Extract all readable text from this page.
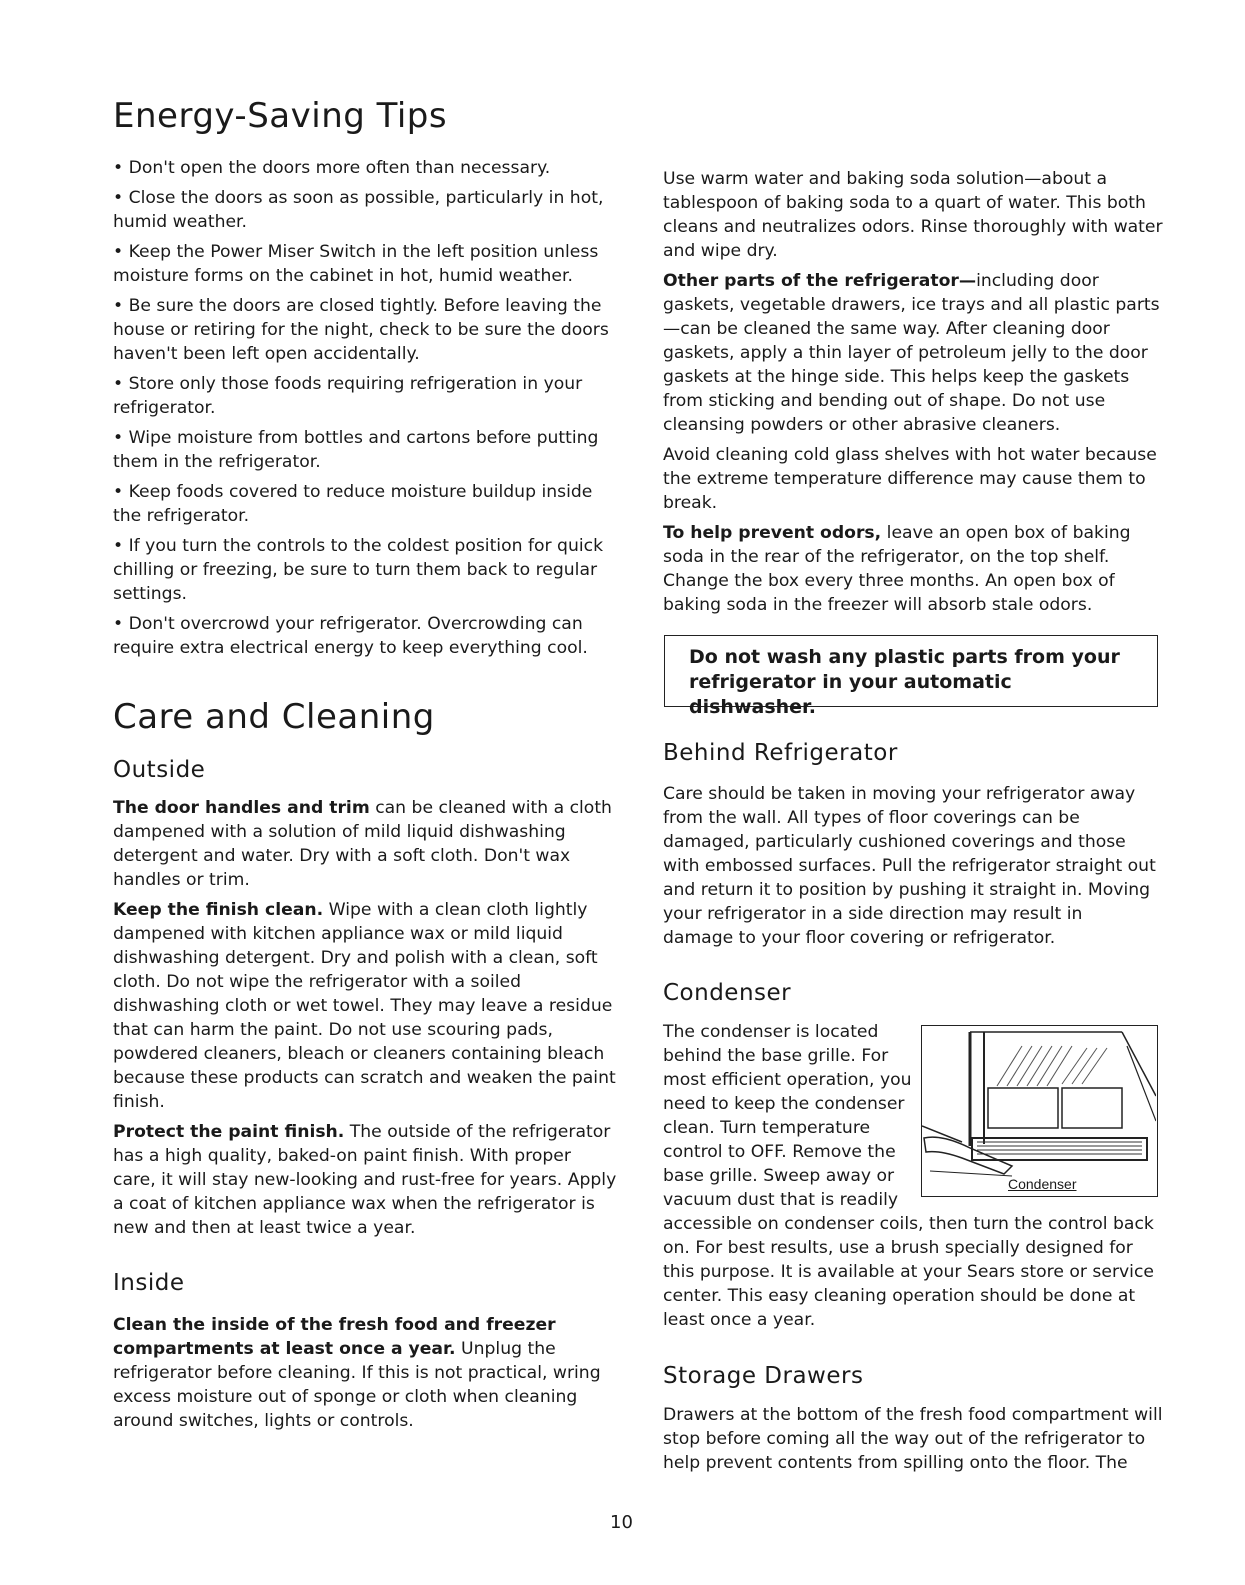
Energy-Saving Tips

• Don't open the doors more often than necessary.

• Close the doors as soon as possible, particularly in hot, humid weather.

• Keep the Power Miser Switch in the left position unless moisture forms on the cabinet in hot, humid weather.

• Be sure the doors are closed tightly. Before leaving the house or retiring for the night, check to be sure the doors haven't been left open accidentally.

• Store only those foods requiring refrigeration in your refrigerator.

• Wipe moisture from bottles and cartons before putting them in the refrigerator.

• Keep foods covered to reduce moisture buildup inside the refrigerator.

• If you turn the controls to the coldest position for quick chilling or freezing, be sure to turn them back to regular settings.

• Don't overcrowd your refrigerator. Overcrowding can require extra electrical energy to keep everything cool.

Care and Cleaning
Outside

The door handles and trim can be cleaned with a cloth dampened with a solution of mild liquid dishwashing detergent and water. Dry with a soft cloth. Don't wax handles or trim.

Keep the finish clean. Wipe with a clean cloth lightly dampened with kitchen appliance wax or mild liquid dishwashing detergent. Dry and polish with a clean, soft cloth. Do not wipe the refrigerator with a soiled dishwashing cloth or wet towel. They may leave a residue that can harm the paint. Do not use scouring pads, powdered cleaners, bleach or cleaners containing bleach because these products can scratch and weaken the paint finish.

Protect the paint finish. The outside of the refrigerator has a high quality, baked-on paint finish. With proper care, it will stay new-looking and rust-free for years. Apply a coat of kitchen appliance wax when the refrigerator is new and then at least twice a year.

Inside

Clean the inside of the fresh food and freezer compartments at least once a year. Unplug the refrigerator before cleaning. If this is not practical, wring excess moisture out of sponge or cloth when cleaning around switches, lights or controls.

Use warm water and baking soda solution—about a tablespoon of baking soda to a quart of water. This both cleans and neutralizes odors. Rinse thoroughly with water and wipe dry.

Other parts of the refrigerator—including door gaskets, vegetable drawers, ice trays and all plastic parts—can be cleaned the same way. After cleaning door gaskets, apply a thin layer of petroleum jelly to the door gaskets at the hinge side. This helps keep the gaskets from sticking and bending out of shape. Do not use cleansing powders or other abrasive cleaners.

Avoid cleaning cold glass shelves with hot water because the extreme temperature difference may cause them to break.

To help prevent odors, leave an open box of baking soda in the rear of the refrigerator, on the top shelf. Change the box every three months. An open box of baking soda in the freezer will absorb stale odors.

Do not wash any plastic parts from your refrigerator in your automatic dishwasher.
Behind Refrigerator

Care should be taken in moving your refrigerator away from the wall. All types of floor coverings can be damaged, particularly cushioned coverings and those with embossed surfaces. Pull the refrigerator straight out and return it to position by pushing it straight in. Moving your refrigerator in a side direction may result in damage to your floor covering or refrigerator.

Condenser

The condenser is located behind the base grille. For most efficient operation, you need to keep the condenser clean. Turn temperature control to OFF. Remove the base grille. Sweep away or vacuum dust that is readily

accessible on condenser coils, then turn the control back on. For best results, use a brush specially designed for this purpose. It is available at your Sears store or service center. This easy cleaning operation should be done at least once a year.

Condenser
Storage Drawers

Drawers at the bottom of the fresh food compartment will stop before coming all the way out of the refrigerator to help prevent contents from spilling onto the floor. The

10
